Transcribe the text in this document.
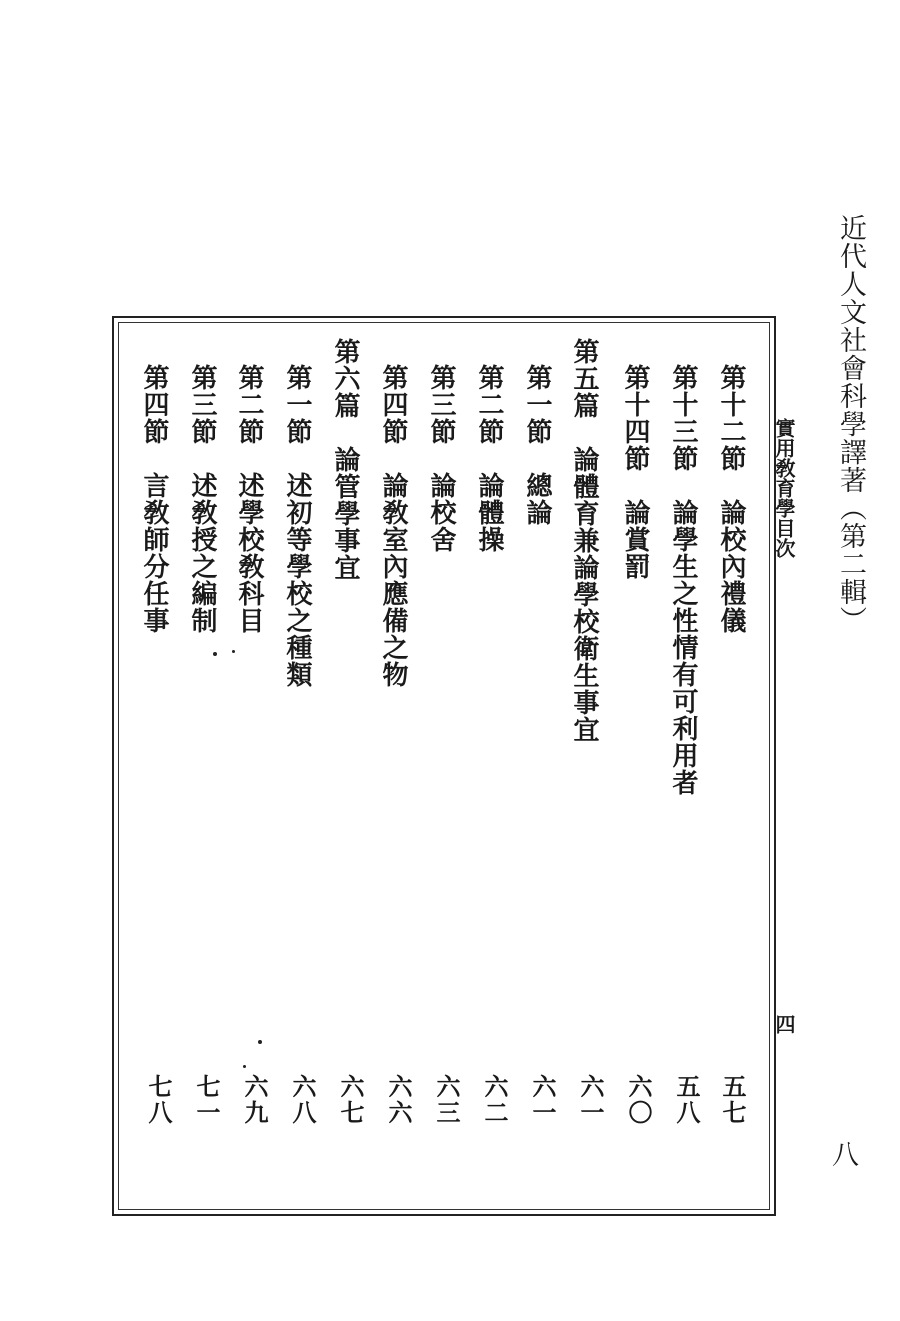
近代人文社會科學譯著（第二輯）
實用敎育學目次
四
第十二節　論校內禮儀
五七
第十三節　論學生之性情有可利用者
五八
第十四節　論賞罰
六〇
第五篇　論體育兼論學校衛生事宜
六一
第一節　總論
六一
第二節　論體操
六二
第三節　論校舍
六三
第四節　論敎室內應備之物
六六
第六篇　論管學事宜
六七
第一節　述初等學校之種類
六八
第二節　述學校敎科目
六九
第三節　述敎授之編制
七一
第四節　言敎師分任事
七八
八
